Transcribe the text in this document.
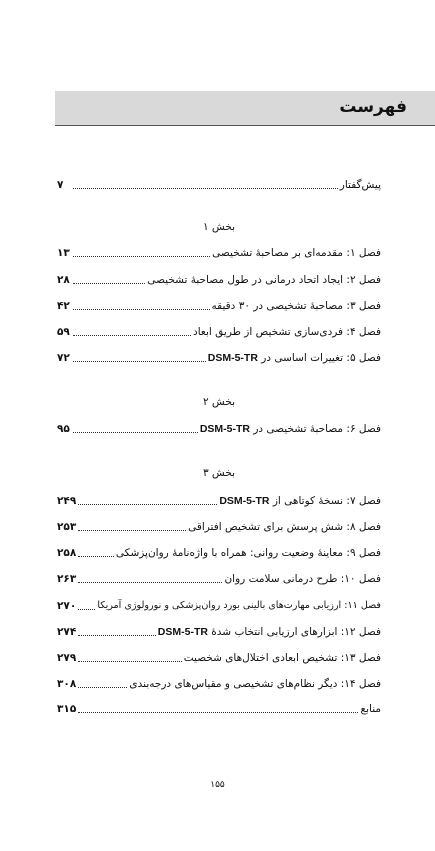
فهرست
پیش‌گفتار
۷
فصل ۱: مقدمه‌ای بر مصاحبهٔ تشخیصی
۱۳
فصل ۲: ایجاد اتحاد درمانی در طول مصاحبهٔ تشخیصی
۲۸
فصل ۳: مصاحبهٔ تشخیصی در ۳۰ دقیقه
۴۲
فصل ۴: فردی‌سازی تشخیص از طریق ابعاد
۵۹
فصل ۵: تغییرات اساسی در DSM-5-TR
۷۲
فصل ۶: مصاحبهٔ تشخیصی در DSM-5-TR
۹۵
فصل ۷: نسخهٔ کوتاهی از DSM-5-TR
۲۴۹
فصل ۸: شش پرسش برای تشخیص افتراقی
۲۵۳
فصل ۹: معاینهٔ وضعیت روانی: همراه با واژه‌نامهٔ روان‌پزشکی
۲۵۸
فصل ۱۰: طرح درمانی سلامت روان
۲۶۳
فصل ۱۱: ارزیابی مهارت‌های بالینی بورد روان‌پزشکی و نورولوژی آمریکا
۲۷۰
فصل ۱۲: ابزارهای ارزیابی انتخاب شدهٔ DSM-5-TR
۲۷۴
فصل ۱۳: تشخیص ابعادی اختلال‌های شخصیت
۲۷۹
فصل ۱۴: دیگر نظام‌های تشخیصی و مقیاس‌های درجه‌بندی
۳۰۸
منابع
۳۱۵
بخش ۱
بخش ۲
بخش ۳
۱۵۵
